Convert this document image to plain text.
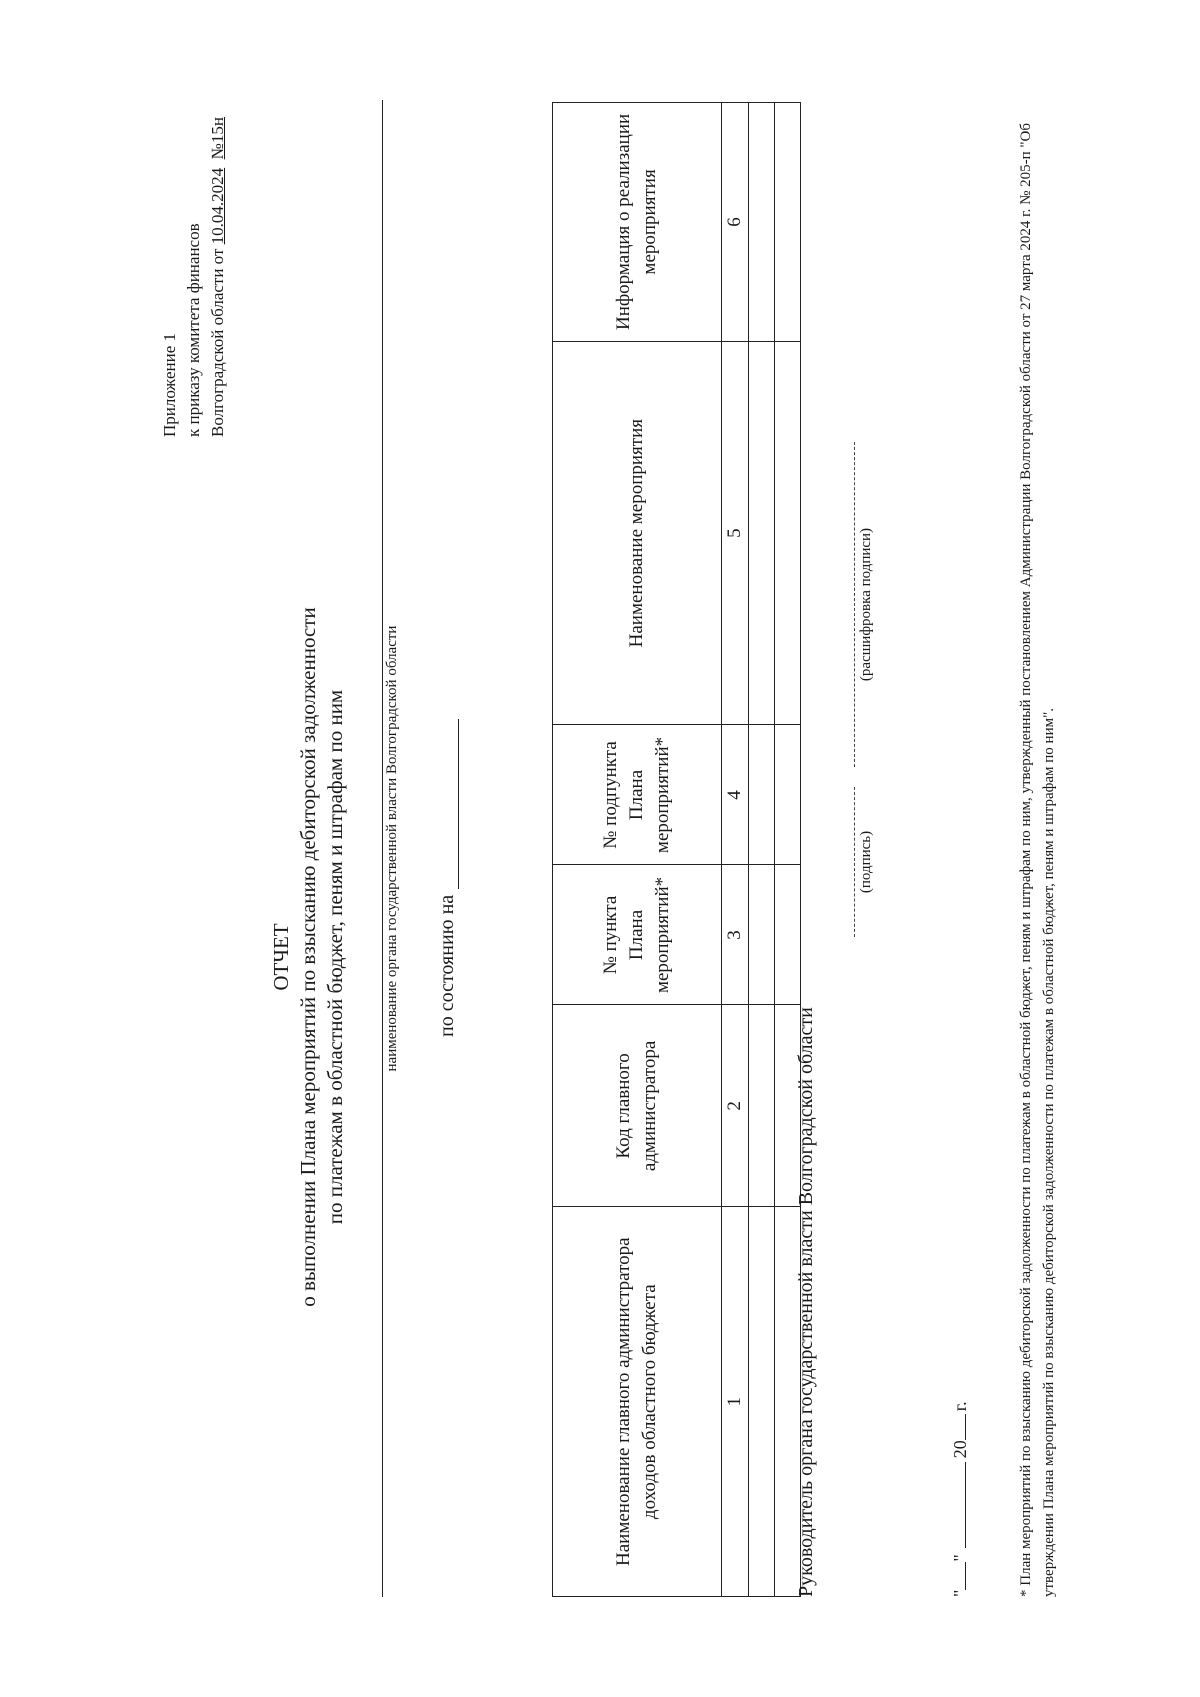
Приложение 1 к приказу комитета финансов Волгоградской области от 10.04.2024  №15н
ОТЧЕТ о выполнении Плана мероприятий по взысканию дебиторской задолженности по платежам в областной бюджет, пеням и штрафам по ним наименование органа государственной власти Волгоградской области по состоянию на
Наименование главного администратора доходов областного бюджета	Код главного администратора	№ пункта Плана мероприятий*	№ подпункта Плана мероприятий*	Наименование мероприятия	Информация о реализации мероприятия
1	2	3	4	5	6

Руководитель органа государственной власти Волгоградской области
(подпись)
(расшифровка подписи)
""20г.	* План мероприятий по взысканию дебиторской задолженности по платежам в областной бюджет, пеням и штрафам по ним, утвержденный постановлением Администрации Волгоградской области от 27 марта 2024 г. № 205-п "Об утверждении Плана мероприятий по взысканию дебиторской задолженности по платежам в областной бюджет, пеням и штрафам по ним".
